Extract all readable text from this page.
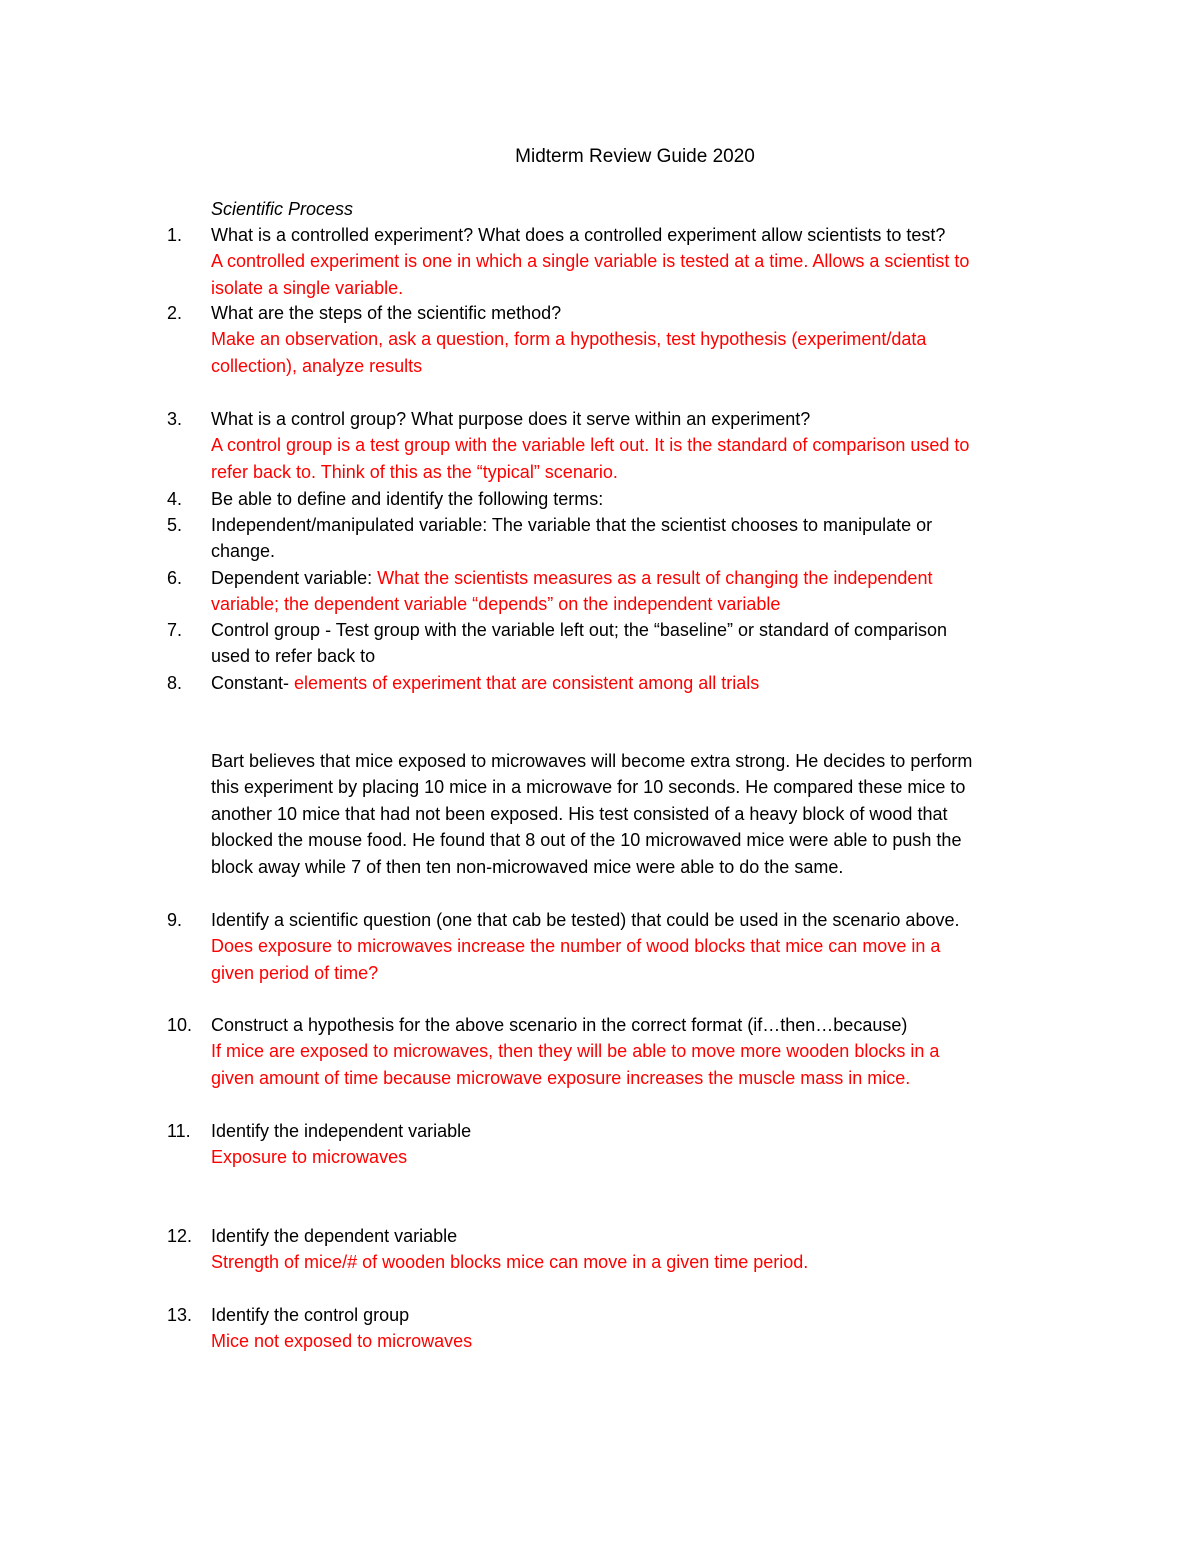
Midterm Review Guide 2020
Scientific Process
1.	What is a controlled experiment? What does a controlled experiment allow scientists to test?
A controlled experiment is one in which a single variable is tested at a time. Allows a scientist to
isolate a single variable.
2.	What are the steps of the scientific method?
Make an observation, ask a question, form a hypothesis, test hypothesis (experiment/data
collection), analyze results
3.	What is a control group? What purpose does it serve within an experiment?
A control group is a test group with the variable left out. It is the standard of comparison used to
refer back to. Think of this as the “typical” scenario.
4.	Be able to define and identify the following terms:
5.	Independent/manipulated variable: The variable that the scientist chooses to manipulate or
change.
6.	Dependent variable: What the scientists measures as a result of changing the independent
variable; the dependent variable “depends” on the independent variable
7.	Control group - Test group with the variable left out; the “baseline” or standard of comparison
used to refer back to
8.	Constant- elements of experiment that are consistent among all trials
Bart believes that mice exposed to microwaves will become extra strong. He decides to perform
this experiment by placing 10 mice in a microwave for 10 seconds. He compared these mice to
another 10 mice that had not been exposed. His test consisted of a heavy block of wood that
blocked the mouse food. He found that 8 out of the 10 microwaved mice were able to push the
block away while 7 of then ten non-microwaved mice were able to do the same.
9.	Identify a scientific question (one that cab be tested) that could be used in the scenario above.
Does exposure to microwaves increase the number of wood blocks that mice can move in a
given period of time?
10.	Construct a hypothesis for the above scenario in the correct format (if…then…because)
If mice are exposed to microwaves, then they will be able to move more wooden blocks in a
given amount of time because microwave exposure increases the muscle mass in mice.
11.	Identify the independent variable
Exposure to microwaves
12.	Identify the dependent variable
Strength of mice/# of wooden blocks mice can move in a given time period.
13.	Identify the control group
Mice not exposed to microwaves
